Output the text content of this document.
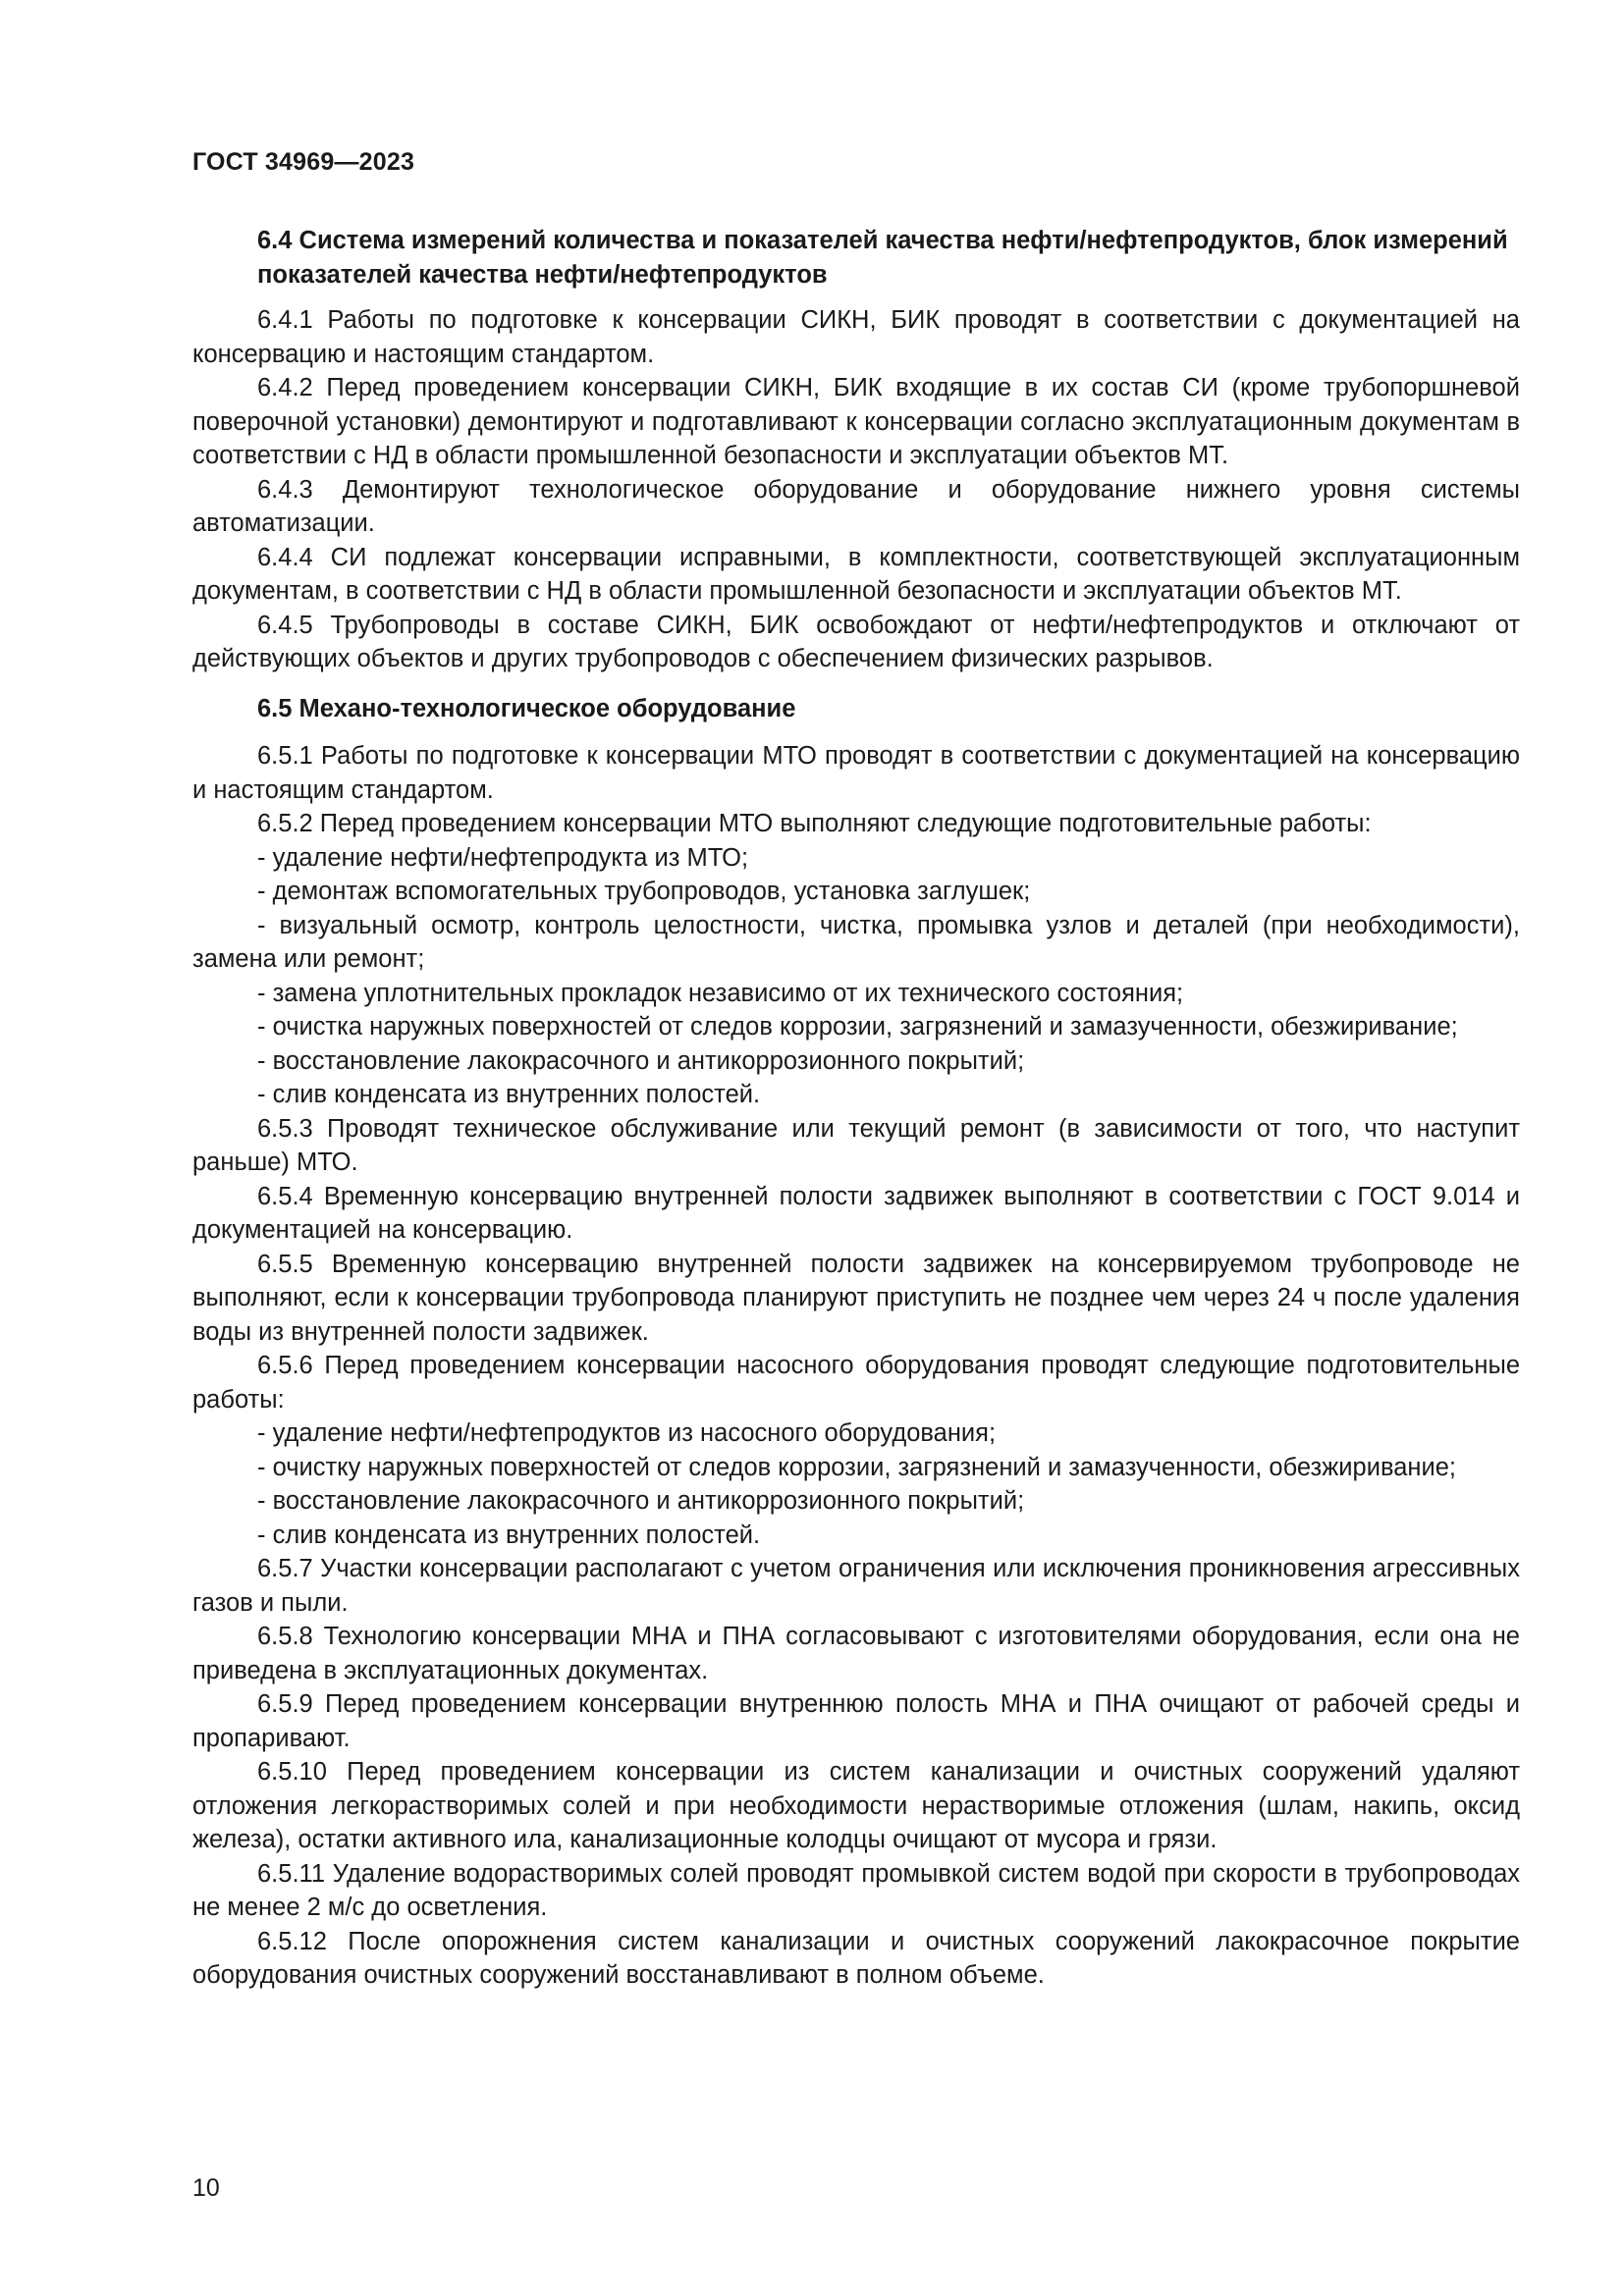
ГОСТ 34969—2023

6.4 Система измерений количества и показателей качества нефти/нефтепродуктов, блок измерений показателей качества нефти/нефтепродуктов

6.4.1 Работы по подготовке к консервации СИКН, БИК проводят в соответствии с документацией на консервацию и настоящим стандартом.

6.4.2 Перед проведением консервации СИКН, БИК входящие в их состав СИ (кроме трубопоршневой поверочной установки) демонтируют и подготавливают к консервации согласно эксплуатационным документам в соответствии с НД в области промышленной безопасности и эксплуатации объектов МТ.

6.4.3 Демонтируют технологическое оборудование и оборудование нижнего уровня системы автоматизации.

6.4.4 СИ подлежат консервации исправными, в комплектности, соответствующей эксплуатационным документам, в соответствии с НД в области промышленной безопасности и эксплуатации объектов МТ.

6.4.5 Трубопроводы в составе СИКН, БИК освобождают от нефти/нефтепродуктов и отключают от действующих объектов и других трубопроводов с обеспечением физических разрывов.

6.5 Механо-технологическое оборудование

6.5.1 Работы по подготовке к консервации МТО проводят в соответствии с документацией на консервацию и настоящим стандартом.

6.5.2 Перед проведением консервации МТО выполняют следующие подготовительные работы:

- удаление нефти/нефтепродукта из МТО;

- демонтаж вспомогательных трубопроводов, установка заглушек;

- визуальный осмотр, контроль целостности, чистка, промывка узлов и деталей (при необходимости), замена или ремонт;

- замена уплотнительных прокладок независимо от их технического состояния;

- очистка наружных поверхностей от следов коррозии, загрязнений и замазученности, обезжиривание;

- восстановление лакокрасочного и антикоррозионного покрытий;

- слив конденсата из внутренних полостей.

6.5.3 Проводят техническое обслуживание или текущий ремонт (в зависимости от того, что наступит раньше) МТО.

6.5.4 Временную консервацию внутренней полости задвижек выполняют в соответствии с ГОСТ 9.014 и документацией на консервацию.

6.5.5 Временную консервацию внутренней полости задвижек на консервируемом трубопроводе не выполняют, если к консервации трубопровода планируют приступить не позднее чем через 24 ч после удаления воды из внутренней полости задвижек.

6.5.6 Перед проведением консервации насосного оборудования проводят следующие подготовительные работы:

- удаление нефти/нефтепродуктов из насосного оборудования;

- очистку наружных поверхностей от следов коррозии, загрязнений и замазученности, обезжиривание;

- восстановление лакокрасочного и антикоррозионного покрытий;

- слив конденсата из внутренних полостей.

6.5.7 Участки консервации располагают с учетом ограничения или исключения проникновения агрессивных газов и пыли.

6.5.8 Технологию консервации МНА и ПНА согласовывают с изготовителями оборудования, если она не приведена в эксплуатационных документах.

6.5.9 Перед проведением консервации внутреннюю полость МНА и ПНА очищают от рабочей среды и пропаривают.

6.5.10 Перед проведением консервации из систем канализации и очистных сооружений удаляют отложения легкорастворимых солей и при необходимости нерастворимые отложения (шлам, накипь, оксид железа), остатки активного ила, канализационные колодцы очищают от мусора и грязи.

6.5.11 Удаление водорастворимых солей проводят промывкой систем водой при скорости в трубопроводах не менее 2 м/с до осветления.

6.5.12 После опорожнения систем канализации и очистных сооружений лакокрасочное покрытие оборудования очистных сооружений восстанавливают в полном объеме.

10
